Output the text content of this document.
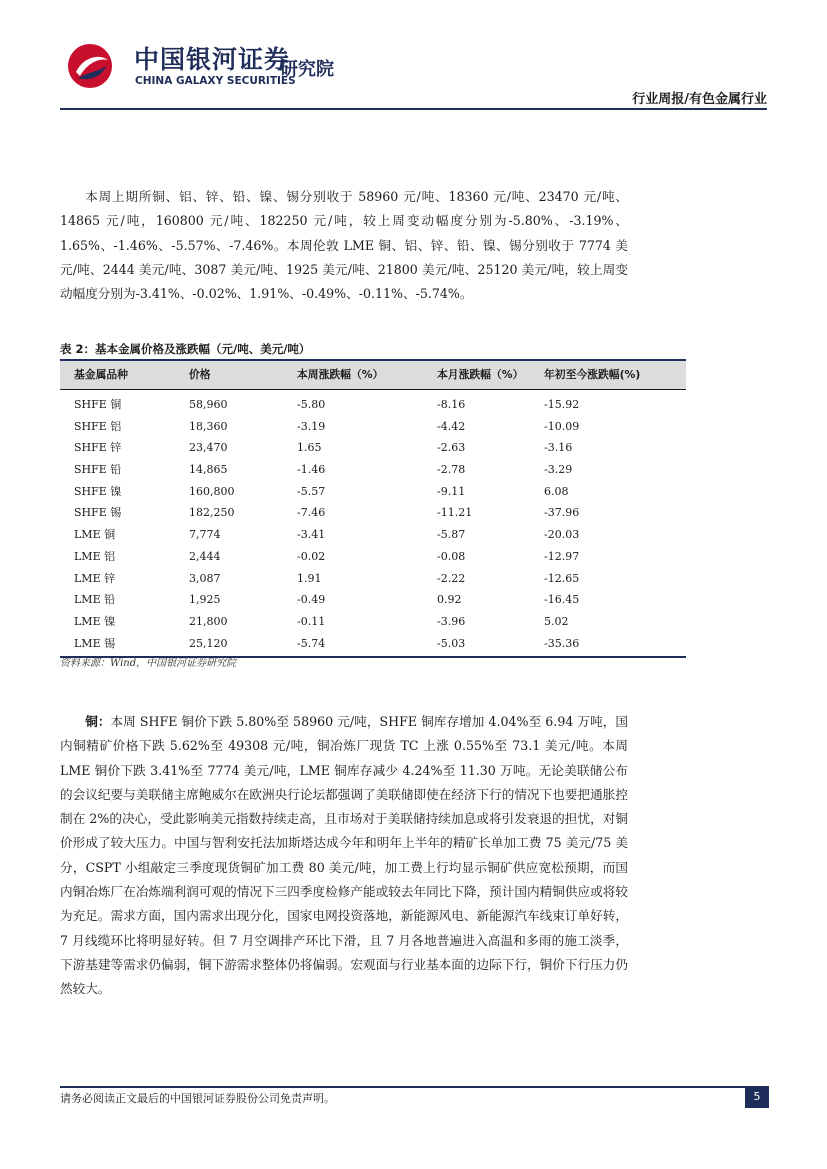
中国银河证券
CHINA GALAXY SECURITIES
研究院
行业周报/有色金属行业

本周上期所铜、铝、锌、铅、镍、锡分别收于 58960 元/吨、18360 元/吨、23470 元/吨、14865 元/吨，160800 元/吨、182250 元/吨，较上周变动幅度分别为-5.80%、-3.19%、1.65%、-1.46%、-5.57%、-7.46%。本周伦敦 LME 铜、铝、锌、铅、镍、锡分别收于 7774 美元/吨、2444 美元/吨、3087 美元/吨、1925 美元/吨、21800 美元/吨、25120 美元/吨，较上周变动幅度分别为-3.41%、-0.02%、1.91%、-0.49%、-0.11%、-5.74%。

表 2：基本金属价格及涨跌幅（元/吨、美元/吨）
基金属品种	价格	本周涨跌幅（%）	本月涨跌幅（%） 年初至今涨跌幅(%)
SHFE 铜	58,960	-5.80	-8.16	-15.92
SHFE 铝	18,360	-3.19	-4.42	-10.09
SHFE 锌	23,470	1.65	-2.63	-3.16
SHFE 铅	14,865	-1.46	-2.78	-3.29
SHFE 镍	160,800	-5.57	-9.11	6.08
SHFE 锡	182,250	-7.46	-11.21	-37.96
LME 铜	7,774	-3.41	-5.87	-20.03
LME 铝	2,444	-0.02	-0.08	-12.97
LME 锌	3,087	1.91	-2.22	-12.65
LME 铅	1,925	-0.49	0.92	-16.45
LME 镍	21,800	-0.11	-3.96	5.02
LME 锡	25,120	-5.74	-5.03	-35.36
资料来源：Wind，中国银河证券研究院

铜：本周 SHFE 铜价下跌 5.80%至 58960 元/吨，SHFE 铜库存增加 4.04%至 6.94 万吨，国内铜精矿价格下跌 5.62%至 49308 元/吨，铜冶炼厂现货 TC 上涨 0.55%至 73.1 美元/吨。本周 LME 铜价下跌 3.41%至 7774 美元/吨，LME 铜库存减少 4.24%至 11.30 万吨。无论美联储公布的会议纪要与美联储主席鲍威尔在欧洲央行论坛都强调了美联储即使在经济下行的情况下也要把通胀控制在 2%的决心，受此影响美元指数持续走高，且市场对于美联储持续加息或将引发衰退的担忧，对铜价形成了较大压力。中国与智利安托法加斯塔达成今年和明年上半年的精矿长单加工费 75 美元/75 美分，CSPT 小组敲定三季度现货铜矿加工费 80 美元/吨，加工费上行均显示铜矿供应宽松预期，而国内铜冶炼厂在冶炼端利润可观的情况下三四季度检修产能或较去年同比下降，预计国内精铜供应或将较为充足。需求方面，国内需求出现分化，国家电网投资落地，新能源风电、新能源汽车线束订单好转，7 月线缆环比将明显好转。但 7 月空调排产环比下滑，且 7 月各地普遍进入高温和多雨的施工淡季，下游基建等需求仍偏弱，铜下游需求整体仍将偏弱。宏观面与行业基本面的边际下行，铜价下行压力仍然较大。

请务必阅读正文最后的中国银河证券股份公司免责声明。	5
